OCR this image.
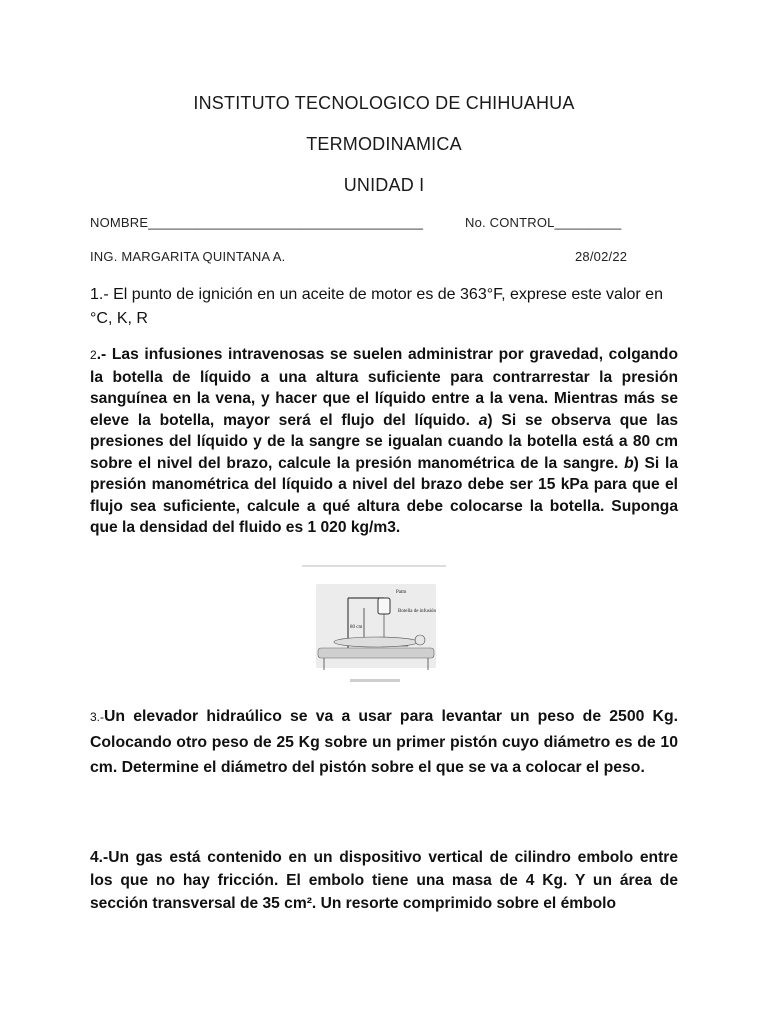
INSTITUTO TECNOLOGICO DE CHIHUAHUA
TERMODINAMICA
UNIDAD I
NOMBRE_____________________________________	No. CONTROL_________
ING. MARGARITA QUINTANA A.	28/02/22
1.- El punto de ignición en un aceite de motor es de 363°F, exprese este valor en °C, K, R
2.- Las infusiones intravenosas se suelen administrar por gravedad, colgando la botella de líquido a una altura suficiente para contrarrestar la presión sanguínea en la vena, y hacer que el líquido entre a la vena. Mientras más se eleve la botella, mayor será el flujo del líquido. a) Si se observa que las presiones del líquido y de la sangre se igualan cuando la botella está a 80 cm sobre el nivel del brazo, calcule la presión manométrica de la sangre. b) Si la presión manométrica del líquido a nivel del brazo debe ser 15 kPa para que el flujo sea suficiente, calcule a qué altura debe colocarse la botella. Suponga que la densidad del fluido es 1 020 kg/m3.
Patm
Botella de infusión
80 cm
3.-Un elevador hidraúlico se va a usar para levantar un peso de 2500 Kg. Colocando otro peso de 25 Kg sobre un primer pistón cuyo diámetro es de 10 cm. Determine el diámetro del pistón sobre el que se va a colocar el peso.
4.-Un gas está contenido en un dispositivo vertical de cilindro embolo entre los que no hay fricción. El embolo tiene una masa de 4 Kg. Y un área de sección transversal de 35 cm². Un resorte comprimido sobre el émbolo
